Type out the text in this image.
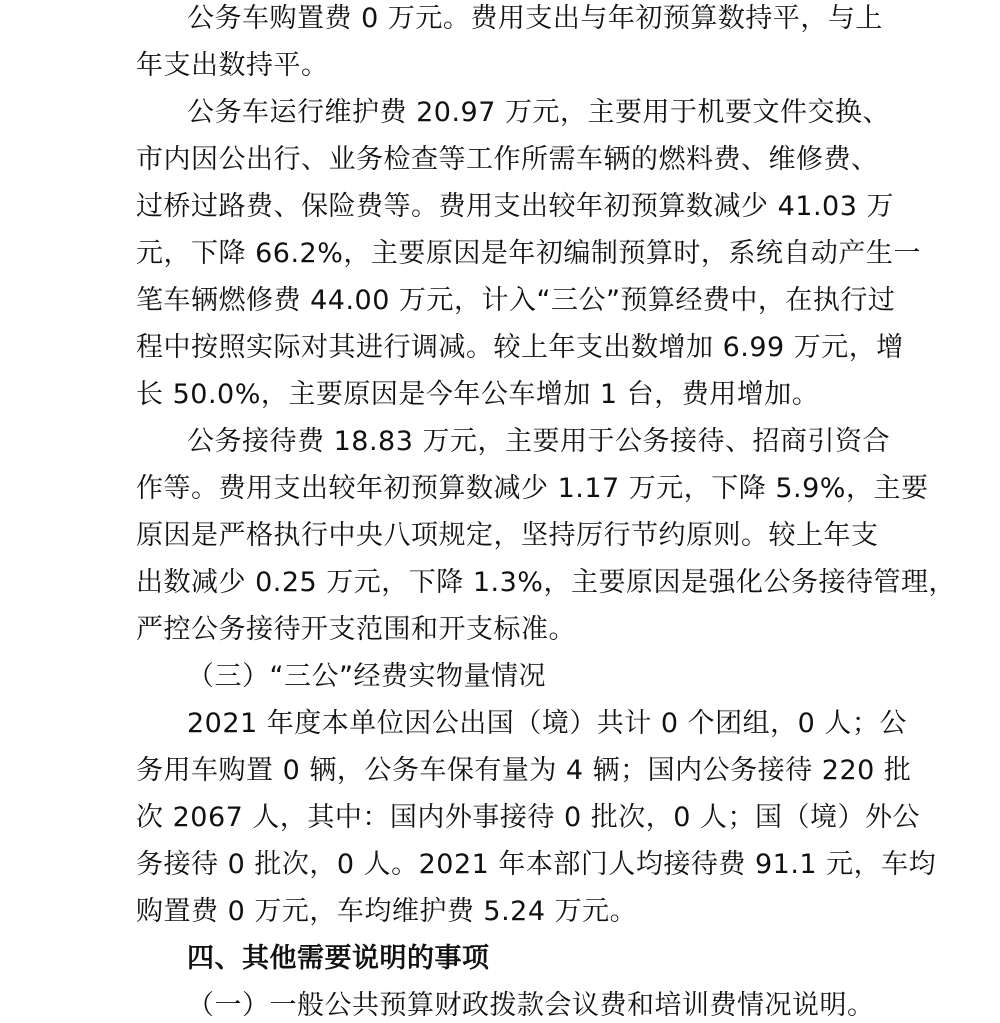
公务车购置费 0 万元。费用支出与年初预算数持平，与上
年支出数持平。
公务车运行维护费 20.97 万元，主要用于机要文件交换、
市内因公出行、业务检查等工作所需车辆的燃料费、维修费、
过桥过路费、保险费等。费用支出较年初预算数减少 41.03 万
元，下降 66.2%，主要原因是年初编制预算时，系统自动产生一
笔车辆燃修费 44.00 万元，计入“三公”预算经费中，在执行过
程中按照实际对其进行调减。较上年支出数增加 6.99 万元，增
长 50.0%，主要原因是今年公车增加 1 台，费用增加。
公务接待费 18.83 万元，主要用于公务接待、招商引资合
作等。费用支出较年初预算数减少 1.17 万元，下降 5.9%，主要
原因是严格执行中央八项规定，坚持厉行节约原则。较上年支
出数减少 0.25 万元，下降 1.3%，主要原因是强化公务接待管理，
严控公务接待开支范围和开支标准。
（三）“三公”经费实物量情况
2021 年度本单位因公出国（境）共计 0 个团组，0 人；公
务用车购置 0 辆，公务车保有量为 4 辆；国内公务接待 220 批
次 2067 人，其中：国内外事接待 0 批次，0 人；国（境）外公
务接待 0 批次，0 人。2021 年本部门人均接待费 91.1 元，车均
购置费 0 万元，车均维护费 5.24 万元。
四、其他需要说明的事项
（一）一般公共预算财政拨款会议费和培训费情况说明。
